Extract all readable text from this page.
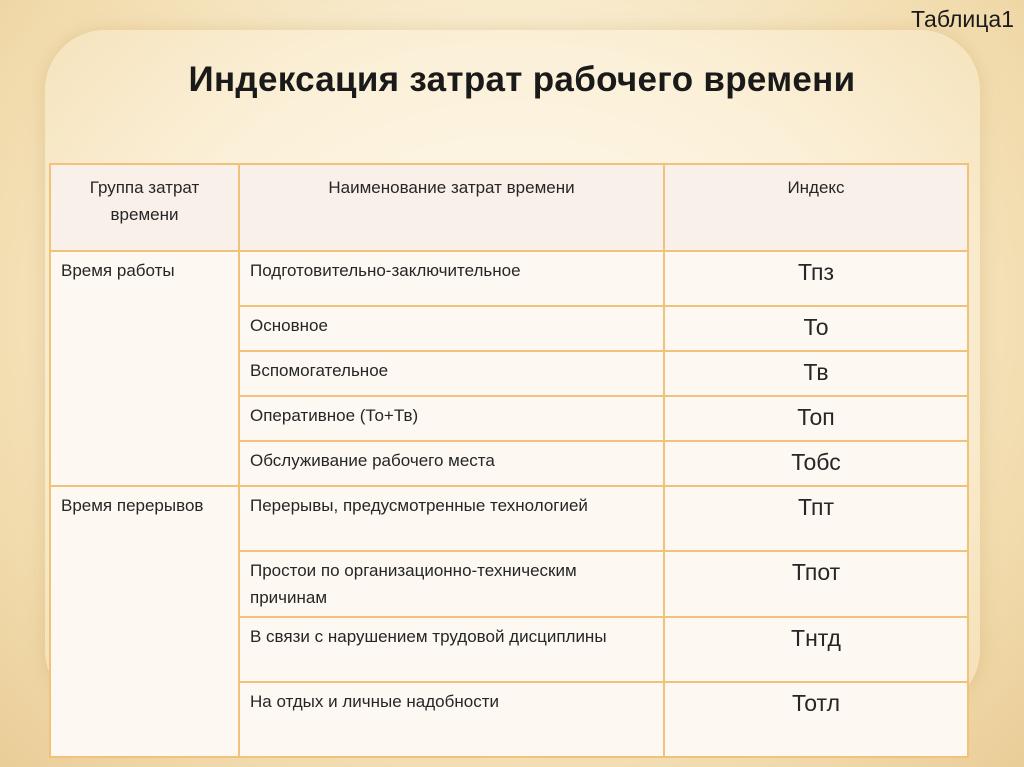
Таблица1
Индексация затрат рабочего времени
Группа затрат времени	Наименование затрат времени	Индекс
Время работы	Подготовительно-заключительное	Тпз
	Основное	То
	Вспомогательное	Тв
	Оперативное (То+Тв)	Топ
	Обслуживание рабочего места	Тобс
Время перерывов	Перерывы, предусмотренные технологией	Тпт
	Простои по организационно-техническим причинам	Тпот
	В связи с нарушением трудовой дисциплины	Тнтд
	На отдых и личные надобности	Тотл
